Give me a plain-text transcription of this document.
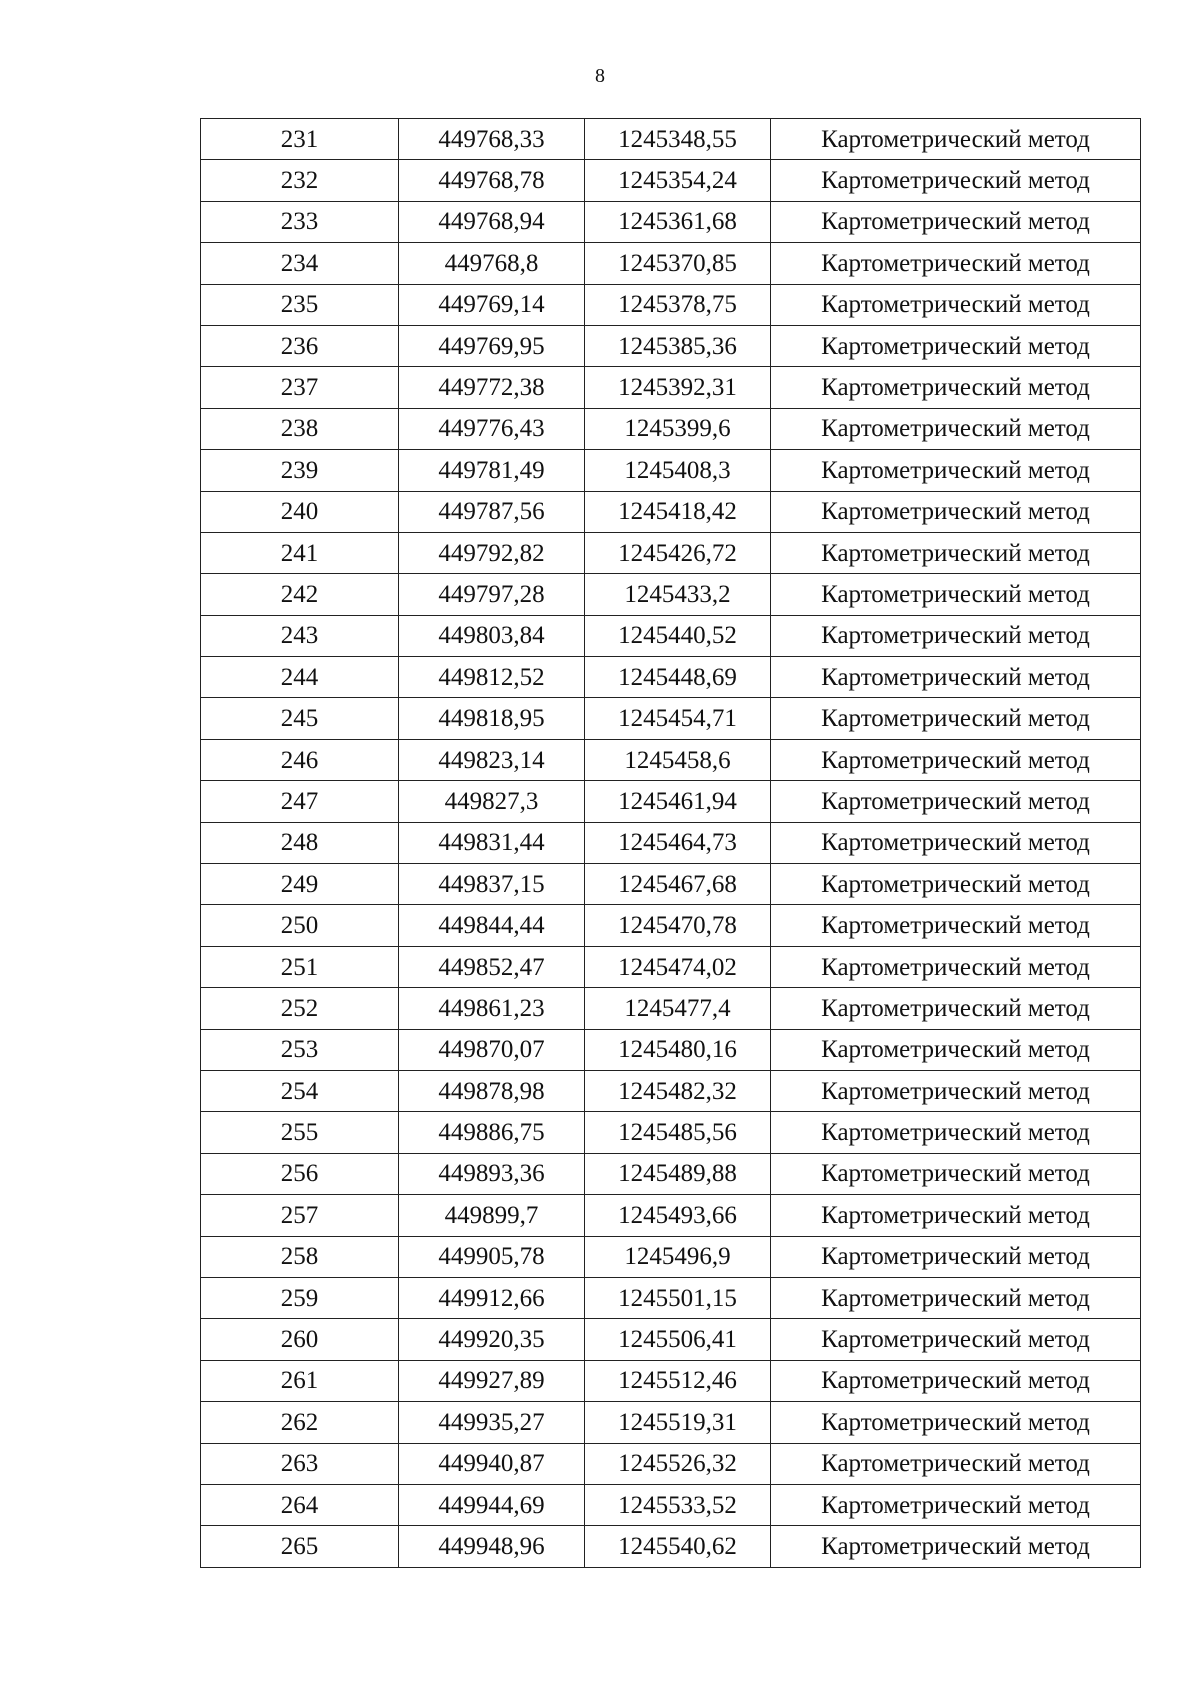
8
231	449768,33	1245348,55	Картометрический метод
232	449768,78	1245354,24	Картометрический метод
233	449768,94	1245361,68	Картометрический метод
234	449768,8	1245370,85	Картометрический метод
235	449769,14	1245378,75	Картометрический метод
236	449769,95	1245385,36	Картометрический метод
237	449772,38	1245392,31	Картометрический метод
238	449776,43	1245399,6	Картометрический метод
239	449781,49	1245408,3	Картометрический метод
240	449787,56	1245418,42	Картометрический метод
241	449792,82	1245426,72	Картометрический метод
242	449797,28	1245433,2	Картометрический метод
243	449803,84	1245440,52	Картометрический метод
244	449812,52	1245448,69	Картометрический метод
245	449818,95	1245454,71	Картометрический метод
246	449823,14	1245458,6	Картометрический метод
247	449827,3	1245461,94	Картометрический метод
248	449831,44	1245464,73	Картометрический метод
249	449837,15	1245467,68	Картометрический метод
250	449844,44	1245470,78	Картометрический метод
251	449852,47	1245474,02	Картометрический метод
252	449861,23	1245477,4	Картометрический метод
253	449870,07	1245480,16	Картометрический метод
254	449878,98	1245482,32	Картометрический метод
255	449886,75	1245485,56	Картометрический метод
256	449893,36	1245489,88	Картометрический метод
257	449899,7	1245493,66	Картометрический метод
258	449905,78	1245496,9	Картометрический метод
259	449912,66	1245501,15	Картометрический метод
260	449920,35	1245506,41	Картометрический метод
261	449927,89	1245512,46	Картометрический метод
262	449935,27	1245519,31	Картометрический метод
263	449940,87	1245526,32	Картометрический метод
264	449944,69	1245533,52	Картометрический метод
265	449948,96	1245540,62	Картометрический метод
